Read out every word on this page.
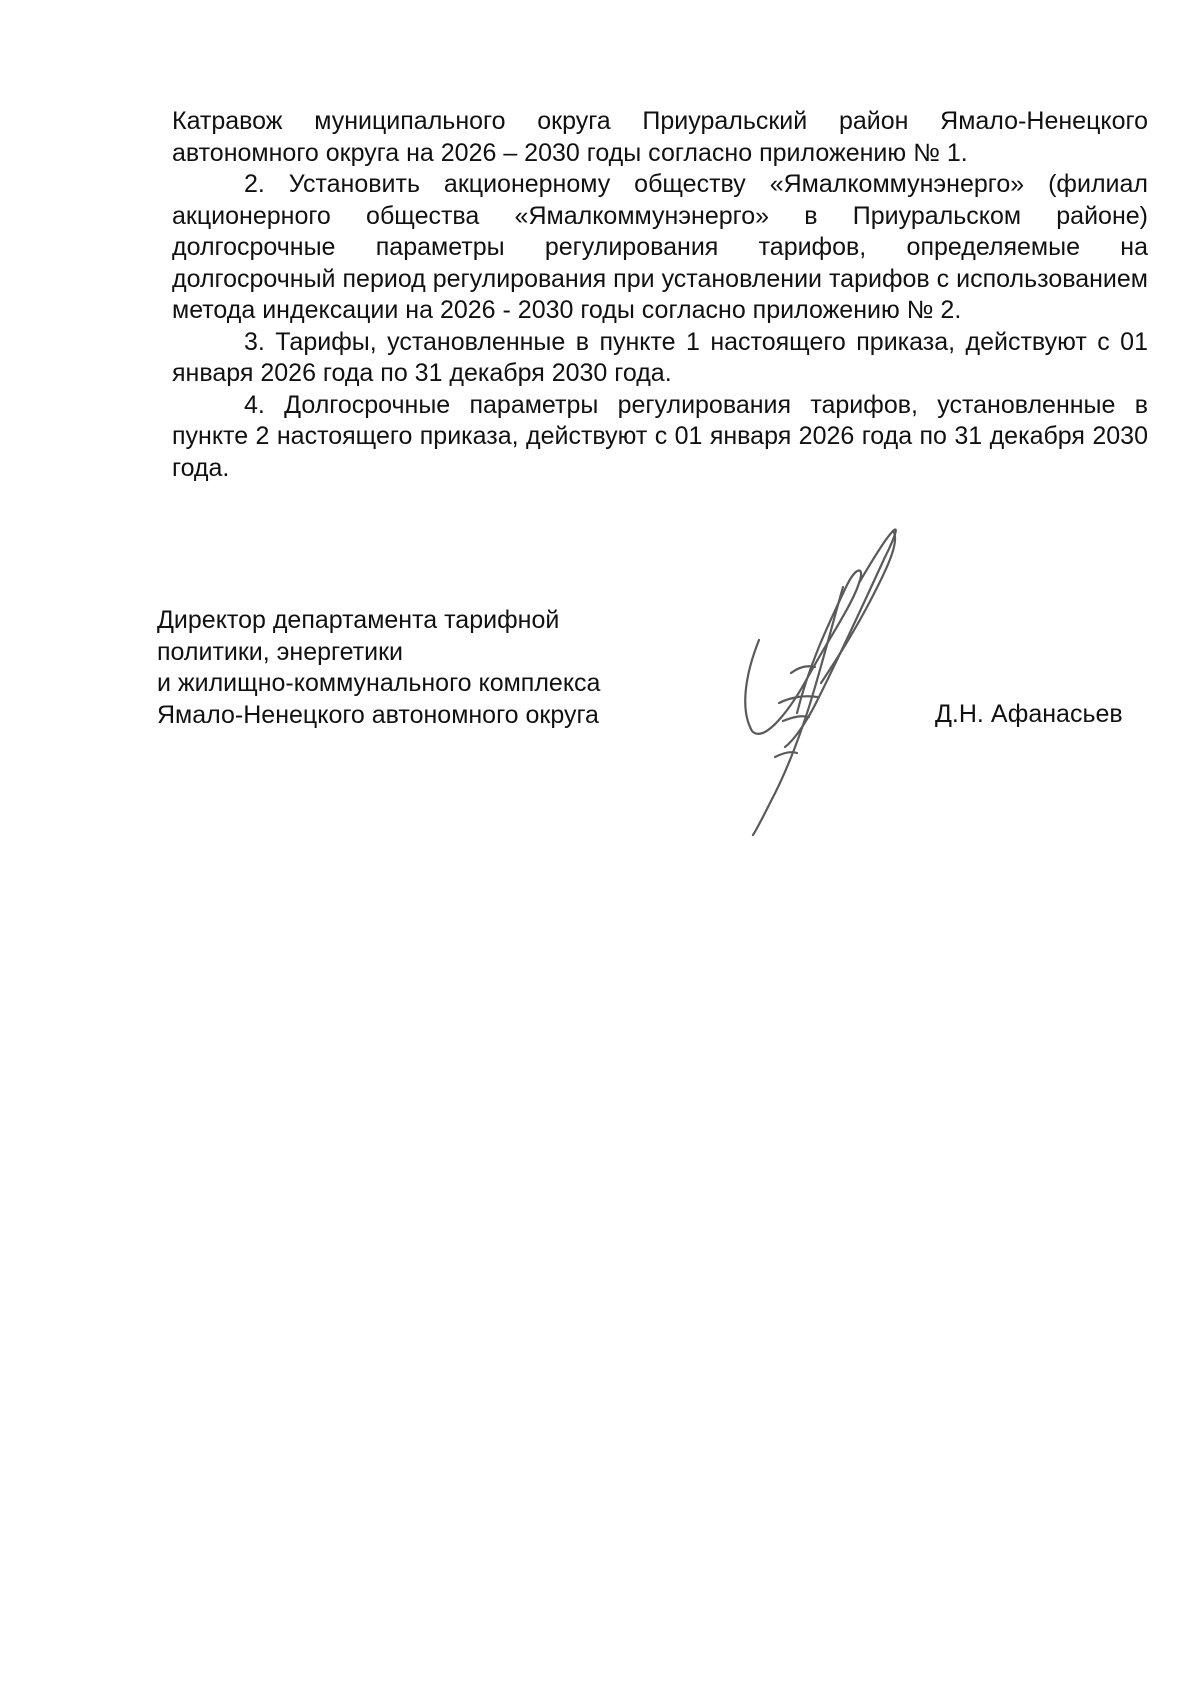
Катравож муниципального округа Приуральский район Ямало-Ненецкого автономного округа на 2026 – 2030 годы согласно приложению № 1.

2. Установить акционерному обществу «Ямалкоммунэнерго» (филиал акционерного общества «Ямалкоммунэнерго» в Приуральском районе) долгосрочные параметры регулирования тарифов, определяемые на долгосрочный период регулирования при установлении тарифов с использованием метода индексации на 2026 - 2030 годы согласно приложению № 2.

3. Тарифы, установленные в пункте 1 настоящего приказа, действуют с 01 января 2026 года по 31 декабря 2030 года.

4. Долгосрочные параметры регулирования тарифов, установленные в пункте 2 настоящего приказа, действуют с 01 января 2026 года по 31 декабря 2030 года.

Директор департамента тарифной
политики, энергетики
и жилищно-коммунального комплекса
Ямало-Ненецкого автономного округа	Д.Н. Афанасьев
